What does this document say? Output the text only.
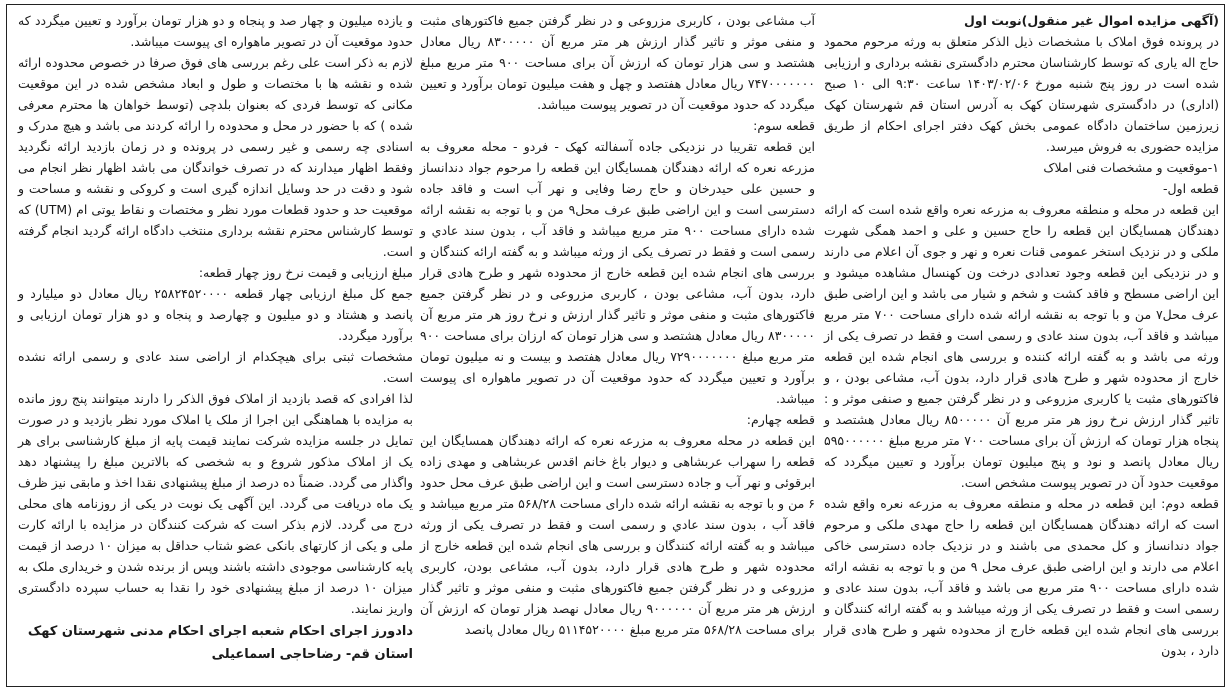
(آگهی مزایده اموال غیر منقول)نوبت اول

در پرونده فوق املاک با مشخصات ذیل الذکر متعلق به ورثه مرحوم محمود حاج اله یاری که توسط کارشناسان محترم دادگستری نقشه برداری و ارزیابی شده است در روز پنج شنبه مورخ ۱۴۰۳/۰۲/۰۶ ساعت ۹:۳۰ الی ۱۰ صبح (اداری) در دادگستری شهرستان کهک به آدرس استان قم شهرستان کهک زیرزمین ساختمان دادگاه عمومی بخش کهک دفتر اجرای احکام از طریق مزایده حضوری به فروش میرسد.

۱-موقعیت و مشخصات فنی املاک

قطعه اول-

این قطعه در محله و منطقه معروف به مزرعه نعره واقع شده است که ارائه دهندگان همسایگان این قطعه را حاج حسین و علی و احمد همگی شهرت ملکی و در نزدیک استخر عمومی قنات نعره و نهر و جوی آن اعلام می دارند و در نزدیکی این قطعه وجود تعدادی درخت ون کهنسال مشاهده میشود و این اراضی مسطح و فاقد کشت و شخم و شیار می باشد و این اراضی طبق عرف محل۷ من و با توجه به نقشه ارائه شده دارای مساحت ۷۰۰ متر مربع میباشد و فاقد آب، بدون سند عادی و رسمی است و فقط در تصرف یکی از ورثه می باشد و به گفته ارائه کننده و بررسی های انجام شده این قطعه خارج از محدوده شهر و طرح هادی قرار دارد، بدون آب، مشاعی بودن ، و فاکتورهای مثبت یا کاربری مزروعی و در نظر گرفتن جمیع و صنفی موثر و : تاثیر گذار ارزش نرخ روز هر متر مربع آن ۸۵۰۰۰۰۰ ریال معادل هشتصد و پنجاه هزار تومان که ارزش آن برای مساحت ۷۰۰ متر مربع مبلغ ۵۹۵۰۰۰۰۰۰ ریال معادل پانصد و نود و پنج میلیون تومان برآورد و تعیین میگردد که موقعیت حدود آن در تصویر پیوست مشخص است.

قطعه دوم: این قطعه در محله و منطقه معروف به مزرعه نعره واقع شده است که ارائه دهندگان همسایگان این قطعه را حاج مهدی ملکی و مرحوم جواد دندانساز و کل محمدی می باشند و در نزدیک جاده دسترسی خاکی اعلام می دارند و این اراضی طبق عرف محل ۹ من و با توجه به نقشه ارائه شده دارای مساحت ۹۰۰ متر مربع می باشد و فاقد آب، بدون سند عادی و رسمی است و فقط در تصرف یکی از ورثه میباشد و به گفته ارائه کنندگان و بررسی های انجام شده این قطعه خارج از محدوده شهر و طرح هادی قرار دارد ، بدون

آب مشاعی بودن ، کاربری مزروعی و در نظر گرفتن جمیع فاکتورهای مثبت و منفی موثر و تاثیر گذار ارزش هر متر مربع آن ۸۳۰۰۰۰۰ ریال معادل هشتصد و سی هزار تومان که ارزش آن برای مساحت ۹۰۰ متر مربع مبلغ ۷۴۷۰۰۰۰۰۰۰ ریال معادل هفتصد و چهل و هفت میلیون تومان برآورد و تعیین میگردد که حدود موقعیت آن در تصویر پیوست میباشد.

قطعه سوم:

این قطعه تقریبا در نزدیکی جاده آسفالته کهک - فردو - محله معروف به مزرعه نعره که ارائه دهندگان همسایگان این قطعه را مرحوم جواد دندانساز و حسین علی حیدرخان و حاج رضا وفایی و نهر آب است و فاقد جاده دسترسی است و این اراضی طبق عرف محل۹ من و با توجه به نقشه ارائه شده دارای مساحت ۹۰۰ متر مربع میباشد و فاقد آب ، بدون سند عادي و رسمی است و فقط در تصرف یکی از ورثه میباشد و به گفته ارائه کنندگان و بررسی های انجام شده این قطعه خارج از محدوده شهر و طرح هادی قرار دارد، بدون آب، مشاعی بودن ، کاربری مزروعی و در نظر گرفتن جمیع فاکتورهای مثبت و منفی موثر و تاثیر گذار ارزش و نرخ روز هر متر مربع آن ۸۳۰۰۰۰۰ ریال معادل هشتصد و سی هزار تومان که ارزان برای مساحت ۹۰۰ متر مربع مبلغ ۷۲۹۰۰۰۰۰۰۰ ریال معادل هفتصد و بیست و نه میلیون تومان برآورد و تعیین میگردد که حدود موقعیت آن در تصویر ماهواره ای پیوست میباشد.

قطعه چهارم:

این قطعه در محله معروف به مزرعه نعره که ارائه دهندگان همسایگان این قطعه را سهراب عربشاهی و دیوار باغ خانم اقدس عربشاهی و مهدی زاده ابرقوئی و نهر آب و جاده دسترسی است و این اراضی طبق عرف محل حدود ۶ من و با توجه به نقشه ارائه شده دارای مساحت ۵۶۸/۲۸ متر مربع میباشد و فاقد آب ، بدون سند عادي و رسمی است و فقط در تصرف یکی از ورثه میباشد و به گفته ارائه کنندگان و بررسی های انجام شده این قطعه خارج از محدوده شهر و طرح هادی قرار دارد، بدون آب، مشاعی بودن، کاربری مزروعی و در نظر گرفتن جمیع فاکتورهای مثبت و منفی موثر و تاثیر گذار ارزش هر متر مربع آن ۹۰۰۰۰۰۰ ریال معادل نهصد هزار تومان که ارزش آن برای مساحت ۵۶۸/۲۸ متر مربع مبلغ ۵۱۱۴۵۲۰۰۰۰ ریال معادل پانصد

و یازده میلیون و چهار صد و پنجاه و دو هزار تومان برآورد و تعیین میگردد که حدود موقعیت آن در تصویر ماهواره ای پیوست میباشد.

لازم به ذکر است علی رغم بررسی های فوق صرفا در خصوص محدوده ارائه شده و نقشه ها با مختصات و طول و ابعاد مشخص شده در این موقعیت مکانی که توسط فردی که بعنوان بلدچی (توسط خواهان ها محترم معرفی شده ) که با حضور در محل و محدوده را ارائه کردند می باشد و هیچ مدرک و اسنادی چه رسمی و غیر رسمی در پرونده و در زمان بازدید ارائه نگردید وفقط اظهار میدارند که در تصرف خواندگان می باشد اظهار نظر انجام می شود و دقت در حد وسایل اندازه گیری است و کروکی و نقشه و مساحت و موقعیت حد و حدود قطعات مورد نظر و مختصات و نقاط یوتی ام (UTM) که توسط کارشناس محترم نقشه برداری منتخب دادگاه ارائه گردید انجام گرفته است.

مبلغ ارزیابی و قیمت نرخ روز چهار قطعه:

جمع کل مبلغ ارزیابی چهار قطعه ۲۵۸۲۴۵۲۰۰۰۰ ریال معادل دو میلیارد و پانصد و هشتاد و دو میلیون و چهارصد و پنجاه و دو هزار تومان ارزیابی و برآورد میگردد.

مشخصات ثبتی برای هیچکدام از اراضی سند عادی و رسمی ارائه نشده است.

لذا افرادی که قصد بازدید از املاک فوق الذکر را دارند میتوانند پنج روز مانده به مزایده با هماهنگی این اجرا از ملک یا املاک مورد نظر بازدید و در صورت تمایل در جلسه مزایده شرکت نمایند قیمت پایه از مبلغ کارشناسی برای هر یک از املاک مذکور شروع و به شخصی که بالاترین مبلغ را پیشنهاد دهد واگذار می گردد. ضمناً ده درصد از مبلغ پیشنهادی نقدا اخذ و مابقی نیز ظرف یک ماه دریافت می گردد. این آگهی یک نوبت در یکی از روزنامه های محلی درج می گردد. لازم بذکر است که شرکت کنندگان در مزایده با ارائه کارت ملی و یکی از کارتهای بانکی عضو شتاب حداقل به میزان ۱۰ درصد از قیمت پایه کارشناسی موجودی داشته باشند وپس از برنده شدن و خریداری ملک به میزان ۱۰ درصد از مبلغ پیشنهادی خود را نقدا به حساب سپرده دادگستری واریز نمایند.

دادورز اجرای احکام شعبه اجرای احکام مدنی شهرستان کهک

استان قم- رضاحاجی اسماعیلی
